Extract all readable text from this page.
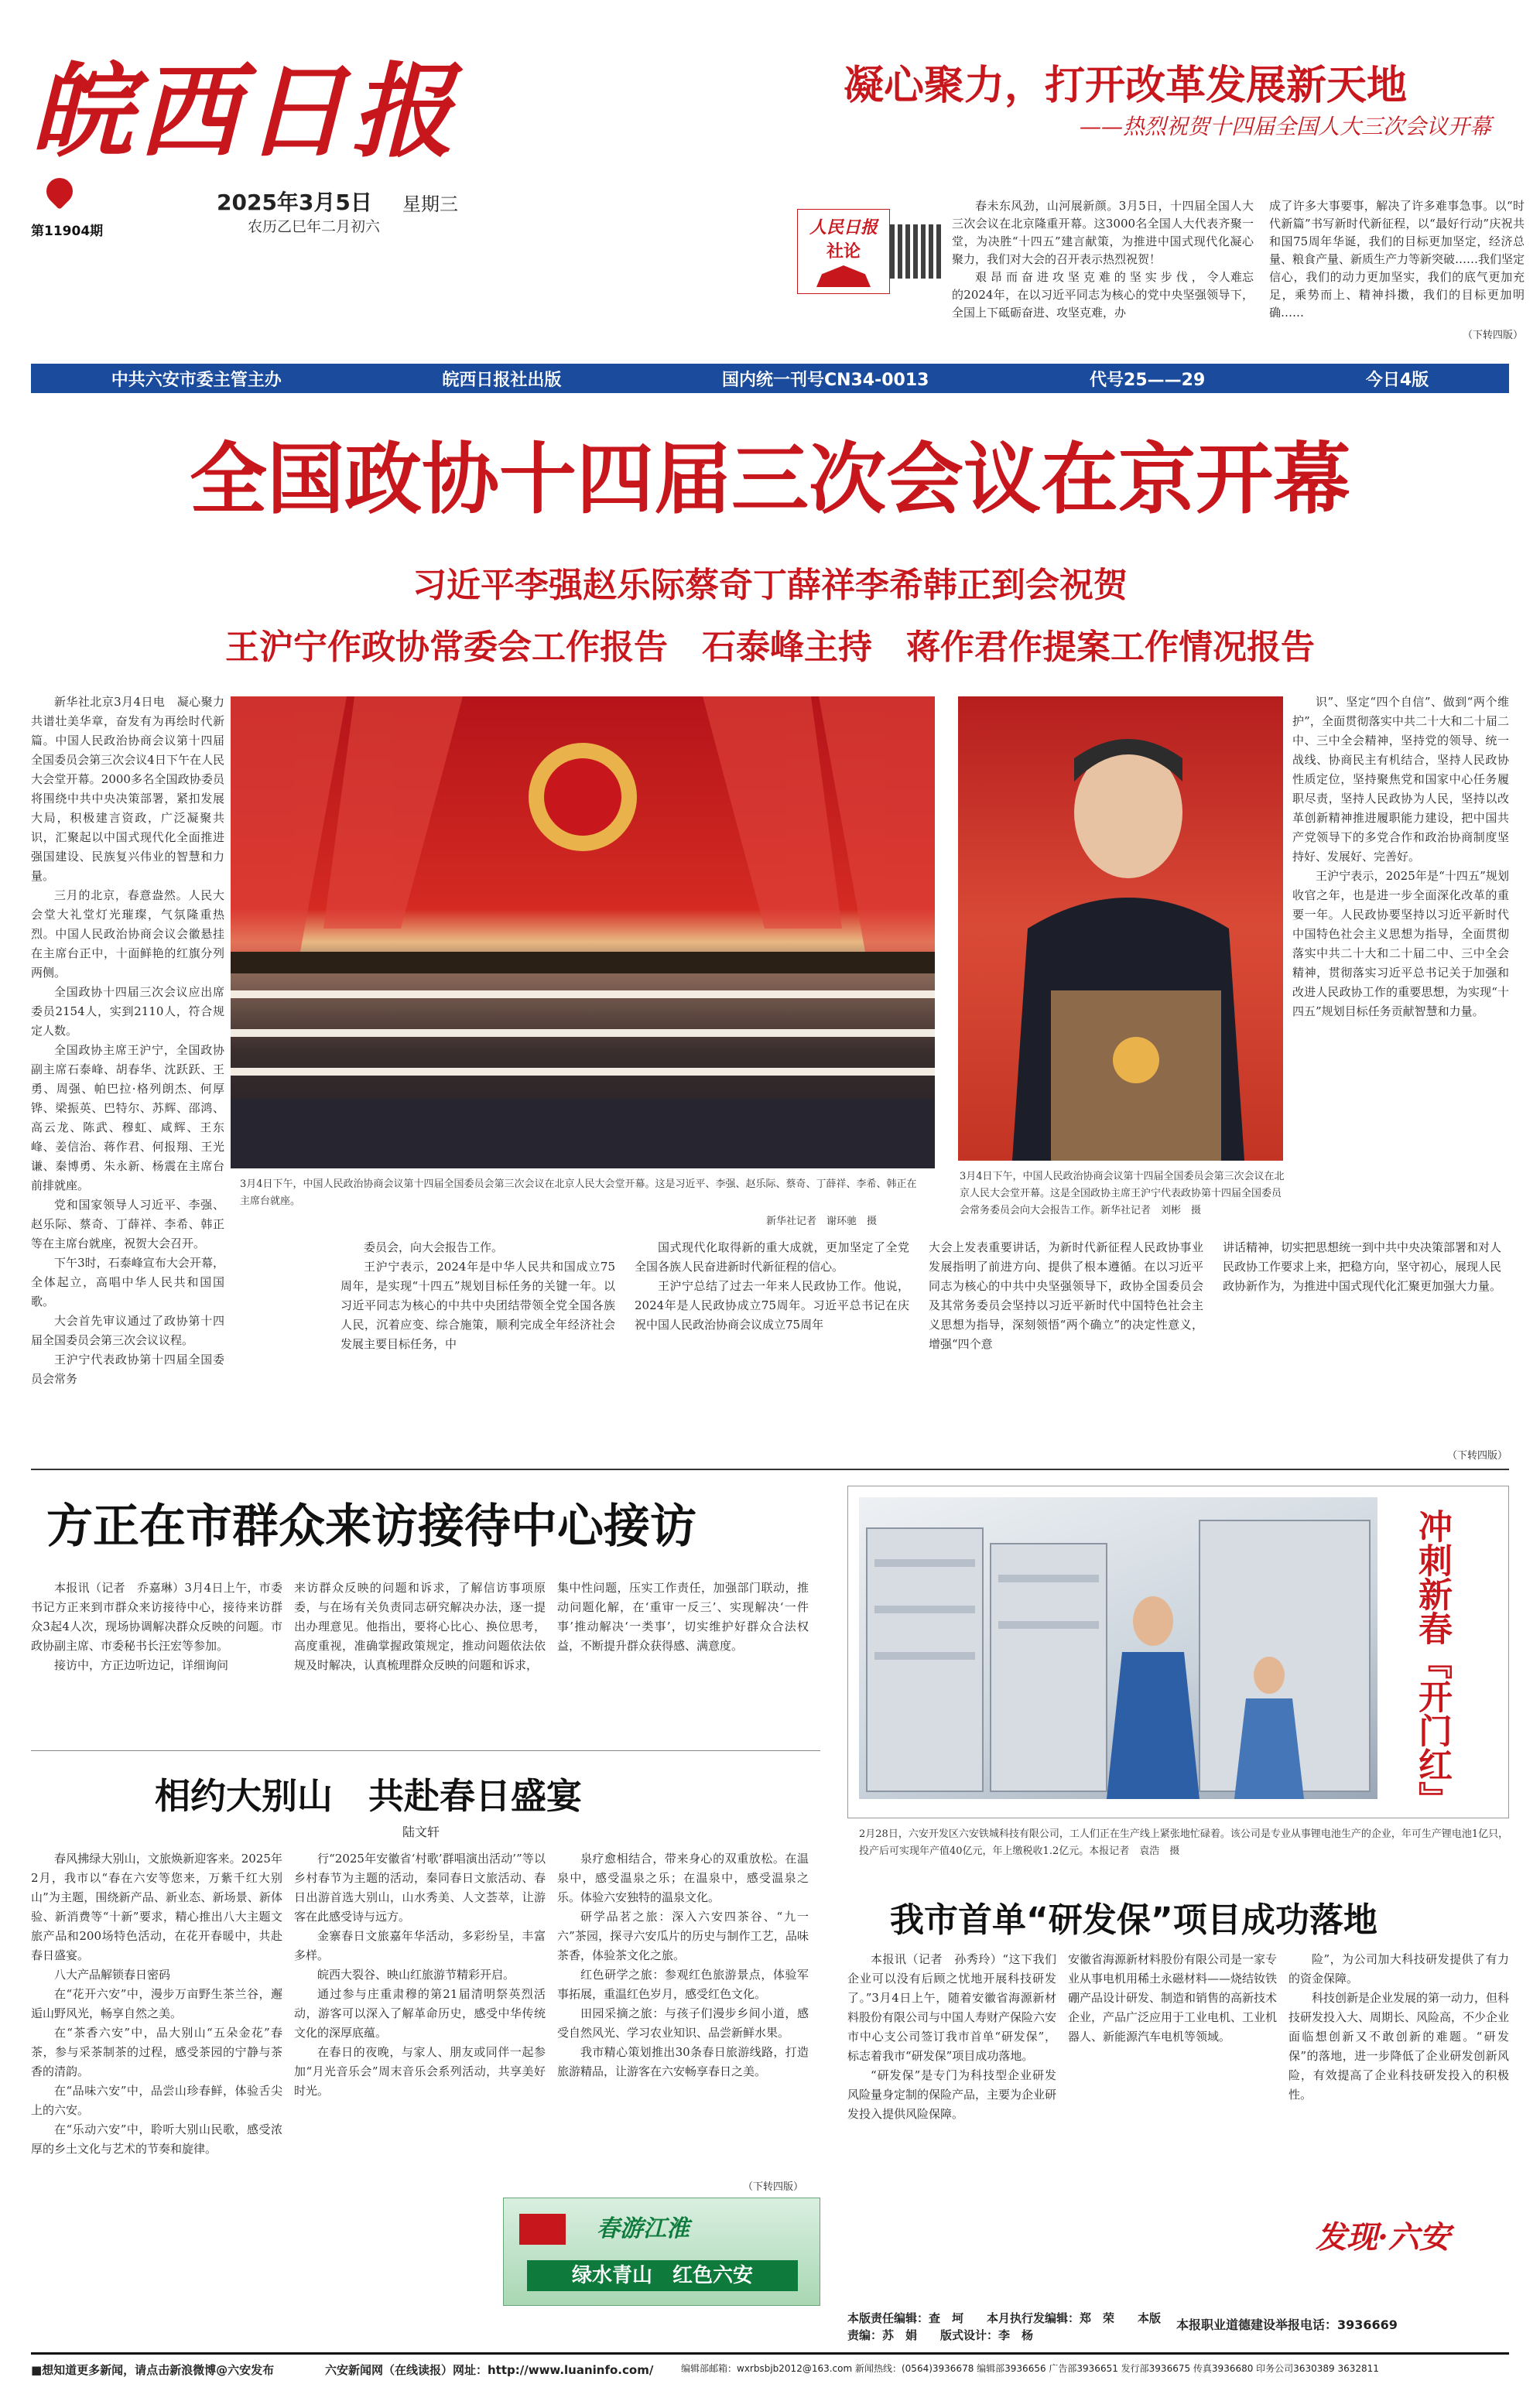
皖西日报
第11904期
2025年3月5日 星期三
农历乙巳年二月初六
凝心聚力，打开改革发展新天地
——热烈祝贺十四届全国人大三次会议开幕
人民日报
社论

春未东风劲，山河展新颜。3月5日，十四届全国人大三次会议在北京隆重开幕。这3000名全国人大代表齐聚一堂，为决胜“十四五”建言献策，为推进中国式现代化凝心聚力，我们对大会的召开表示热烈祝贺！

艰 昂 而 奋 进 攻 坚 克 难 的 坚 实 步 伐 ， 令人难忘的2024年，在以习近平同志为核心的党中央坚强领导下，全国上下砥砺奋进、攻坚克难，办

成了许多大事要事，解决了许多难事急事。以“时代新篇”书写新时代新征程，以“最好行动”庆祝共和国75周年华诞，我们的目标更加坚定，经济总量、粮食产量、新质生产力等新突破……我们坚定信心，我们的动力更加坚实，我们的底气更加充足，乘势而上、精神抖擞，我们的目标更加明确……
（下转四版）
中共六安市委主管主办	皖西日报社出版	国内统一刊号CN34-0013	代号25——29	今日4版
全国政协十四届三次会议在京开幕
习近平李强赵乐际蔡奇丁薛祥李希韩正到会祝贺
王沪宁作政协常委会工作报告　石泰峰主持　蒋作君作提案工作情况报告

新华社北京3月4日电　凝心聚力共谱壮美华章，奋发有为再绘时代新篇。中国人民政治协商会议第十四届全国委员会第三次会议4日下午在人民大会堂开幕。2000多名全国政协委员将围绕中共中央决策部署，紧扣发展大局，积极建言资政，广泛凝聚共识，汇聚起以中国式现代化全面推进强国建设、民族复兴伟业的智慧和力量。

三月的北京，春意盎然。人民大会堂大礼堂灯光璀璨，气氛隆重热烈。中国人民政治协商会议会徽悬挂在主席台正中，十面鲜艳的红旗分列两侧。

全国政协十四届三次会议应出席委员2154人，实到2110人，符合规定人数。

全国政协主席王沪宁，全国政协副主席石泰峰、胡春华、沈跃跃、王勇、周强、帕巴拉·格列朗杰、何厚铧、梁振英、巴特尔、苏辉、邵鸿、高云龙、陈武、穆虹、咸辉、王东峰、姜信治、蒋作君、何报翔、王光谦、秦博勇、朱永新、杨震在主席台前排就座。

党和国家领导人习近平、李强、赵乐际、蔡奇、丁薛祥、李希、韩正等在主席台就座，祝贺大会召开。

下午3时，石泰峰宣布大会开幕，全体起立，高唱中华人民共和国国歌。

大会首先审议通过了政协第十四届全国委员会第三次会议议程。

王沪宁代表政协第十四届全国委员会常务

3月4日下午，中国人民政治协商会议第十四届全国委员会第三次会议在北京人民大会堂开幕。这是习近平、李强、赵乐际、蔡奇、丁薛祥、李希、韩正在主席台就座。
新华社记者　谢环驰　摄
3月4日下午，中国人民政治协商会议第十四届全国委员会第三次会议在北京人民大会堂开幕。这是全国政协主席王沪宁代表政协第十四届全国委员会常务委员会向大会报告工作。新华社记者　刘彬　摄

识”、坚定“四个自信”、做到“两个维护”，全面贯彻落实中共二十大和二十届二中、三中全会精神，坚持党的领导、统一战线、协商民主有机结合，坚持人民政协性质定位，坚持聚焦党和国家中心任务履职尽责，坚持人民政协为人民，坚持以改革创新精神推进履职能力建设，把中国共产党领导下的多党合作和政治协商制度坚持好、发展好、完善好。

王沪宁表示，2025年是“十四五”规划收官之年，也是进一步全面深化改革的重要一年。人民政协要坚持以习近平新时代中国特色社会主义思想为指导，全面贯彻落实中共二十大和二十届二中、三中全会精神，贯彻落实习近平总书记关于加强和改进人民政协工作的重要思想，为实现“十四五”规划目标任务贡献智慧和力量。

委员会，向大会报告工作。

王沪宁表示，2024年是中华人民共和国成立75周年，是实现“十四五”规划目标任务的关键一年。以习近平同志为核心的中共中央团结带领全党全国各族人民，沉着应变、综合施策，顺利完成全年经济社会发展主要目标任务，中

国式现代化取得新的重大成就，更加坚定了全党全国各族人民奋进新时代新征程的信心。

王沪宁总结了过去一年来人民政协工作。他说，2024年是人民政协成立75周年。习近平总书记在庆祝中国人民政治协商会议成立75周年

大会上发表重要讲话，为新时代新征程人民政协事业发展指明了前进方向、提供了根本遵循。在以习近平同志为核心的中共中央坚强领导下，政协全国委员会及其常务委员会坚持以习近平新时代中国特色社会主义思想为指导，深刻领悟“两个确立”的决定性意义，增强“四个意
讲话精神，切实把思想统一到中共中央决策部署和对人民政协工作要求上来，把稳方向，坚守初心，展现人民政协新作为，为推进中国式现代化汇聚更加强大力量。
（下转四版）
方正在市群众来访接待中心接访

本报讯（记者　乔嘉琳）3月4日上午，市委书记方正来到市群众来访接待中心，接待来访群众3起4人次，现场协调解决群众反映的问题。市政协副主席、市委秘书长汪宏等参加。

接访中，方正边听边记，详细询问

来访群众反映的问题和诉求，了解信访事项原委，与在场有关负责同志研究解决办法，逐一提出办理意见。他指出，要将心比心、换位思考，高度重视，准确掌握政策规定，推动问题依法依规及时解决，认真梳理群众反映的问题和诉求，
集中性问题，压实工作责任，加强部门联动，推动问题化解，在‘重审一反三’、实现解决‘一件事’推动解决‘一类事’，切实维护好群众合法权益，不断提升群众获得感、满意度。
相约大别山　共赴春日盛宴
陆文轩

春风拂绿大别山，文旅焕新迎客来。2025年2月，我市以“春在六安等您来，万紫千红大别山”为主题，围绕新产品、新业态、新场景、新体验、新消费等“十新”要求，精心推出八大主题文旅产品和200场特色活动，在花开春暖中，共赴春日盛宴。

八大产品解锁春日密码

在“花开六安”中，漫步万亩野生茶兰谷，邂逅山野风光，畅享自然之美。

在“茶香六安”中，品大别山“五朵金花”春茶，参与采茶制茶的过程，感受茶园的宁静与茶香的清韵。

在“品味六安”中，品尝山珍春鲜，体验舌尖上的六安。

在“乐动六安”中，聆听大别山民歌，感受浓厚的乡土文化与艺术的节奏和旋律。

行“2025年安徽省‘村歌’群唱演出活动’”等以乡村春节为主题的活动，秦同春日文旅活动、春日出游首选大别山，山水秀美、人文荟萃，让游客在此感受诗与远方。

金寨春日文旅嘉年华活动，多彩纷呈，丰富多样。

皖西大裂谷、映山红旅游节精彩开启。

通过参与庄重肃穆的第21届清明祭英烈活动，游客可以深入了解革命历史，感受中华传统文化的深厚底蕴。

在春日的夜晚，与家人、朋友或同伴一起参加“月光音乐会”周末音乐会系列活动，共享美好时光。

泉疗愈相结合，带来身心的双重放松。在温泉中，感受温泉之乐；在温泉中，感受温泉之乐。体验六安独特的温泉文化。

研学品茗之旅：深入六安四茶谷、“九一六”茶园，探寻六安瓜片的历史与制作工艺，品味茶香，体验茶文化之旅。

红色研学之旅：参观红色旅游景点，体验军事拓展，重温红色岁月，感受红色文化。

田园采摘之旅：与孩子们漫步乡间小道，感受自然风光、学习农业知识、品尝新鲜水果。

我市精心策划推出30条春日旅游线路，打造旅游精品，让游客在六安畅享春日之美。

（下转四版）
春游江淮
绿水青山　红色六安
冲刺新春『开门红』
2月28日，六安开发区六安铁城科技有限公司，工人们正在生产线上紧张地忙碌着。该公司是专业从事锂电池生产的企业，年可生产锂电池1亿只，投产后可实现年产值40亿元，年上缴税收1.2亿元。本报记者　袁浩　摄
我市首单“研发保”项目成功落地

本报讯（记者　孙秀玲）“这下我们企业可以没有后顾之忧地开展科技研发了。”3月4日上午，随着安徽省海源新材料股份有限公司与中国人寿财产保险六安市中心支公司签订我市首单“研发保”，标志着我市“研发保”项目成功落地。

“研发保”是专门为科技型企业研发风险量身定制的保险产品，主要为企业研发投入提供风险保障。

安徽省海源新材料股份有限公司是一家专业从事电机用稀土永磁材料——烧结钕铁硼产品设计研发、制造和销售的高新技术企业，产品广泛应用于工业电机、工业机器人、新能源汽车电机等领域。

险”，为公司加大科技研发提供了有力的资金保障。

科技创新是企业发展的第一动力，但科技研发投入大、周期长、风险高，不少企业面临想创新又不敢创新的难题。“研发保”的落地，进一步降低了企业研发创新风险，有效提高了企业科技研发投入的积极性。

发现·六安
本版责任编辑：查　坷　　本月执行发编辑：郑　荣　　本版责编：苏　娟　　版式设计：李　杨
本报职业道德建设举报电话：3936669
■想知道更多新闻，请点击新浪微博@六安发布	六安新闻网（在线读报）网址：http://www.luaninfo.com/	编辑部邮箱：wxrbsbjb2012@163.com 新闻热线：(0564)3936678 编辑部3936656 广告部3936651 发行部3936675 传真3936680 印务公司3630389 3632811
